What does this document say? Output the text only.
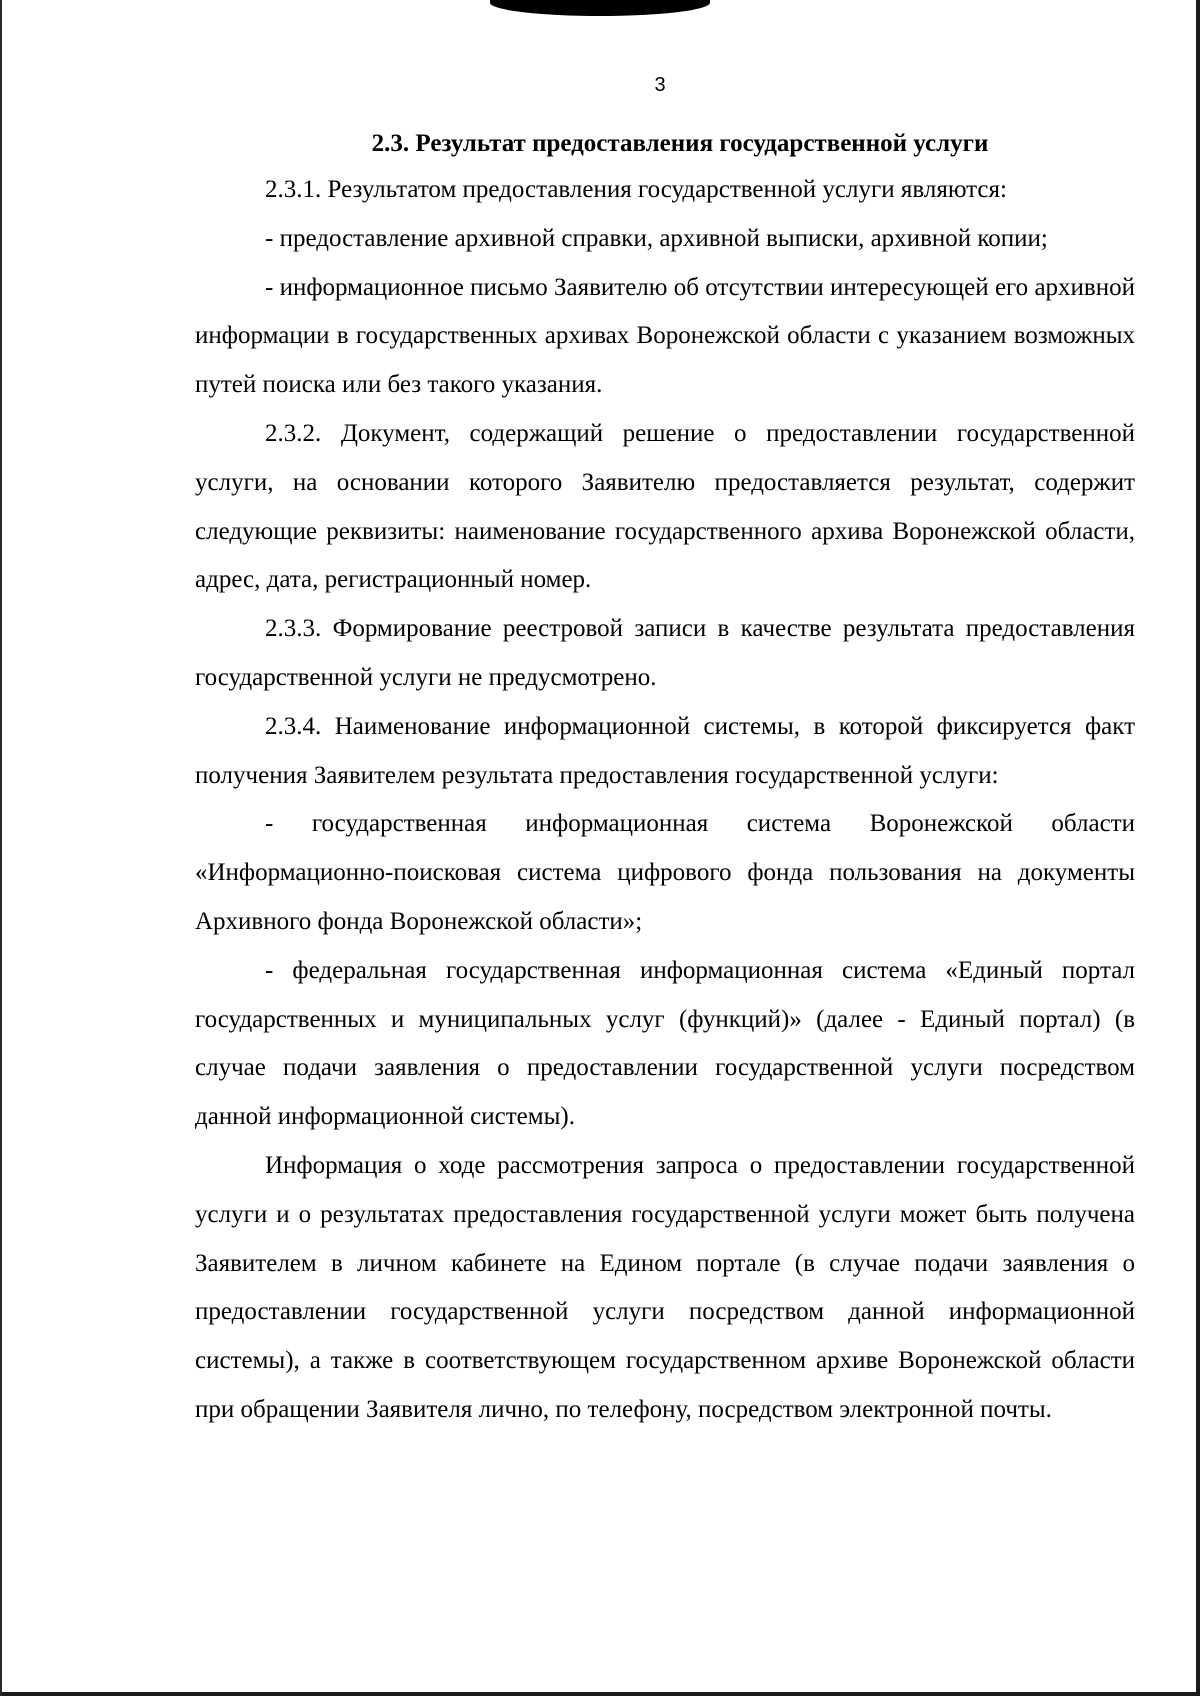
3
2.3. Результат предоставления государственной услуги

2.3.1. Результатом предоставления государственной услуги являются:

- предоставление архивной справки, архивной выписки, архивной копии;

- информационное письмо Заявителю об отсутствии интересующей его архивной информации в государственных архивах Воронежской области с указанием возможных путей поиска или без такого указания.

2.3.2. Документ, содержащий решение о предоставлении государственной услуги, на основании которого Заявителю предоставляется результат, содержит следующие реквизиты: наименование государственного архива Воронежской области, адрес, дата, регистрационный номер.

2.3.3. Формирование реестровой записи в качестве результата предоставления государственной услуги не предусмотрено.

2.3.4. Наименование информационной системы, в которой фиксируется факт получения Заявителем результата предоставления государственной услуги:

- государственная информационная система Воронежской области «Информационно-поисковая система цифрового фонда пользования на документы Архивного фонда Воронежской области»;

- федеральная государственная информационная система «Единый портал государственных и муниципальных услуг (функций)» (далее - Единый портал) (в случае подачи заявления о предоставлении государственной услуги посредством данной информационной системы).

Информация о ходе рассмотрения запроса о предоставлении государственной услуги и о результатах предоставления государственной услуги может быть получена Заявителем в личном кабинете на Едином портале (в случае подачи заявления о предоставлении государственной услуги посредством данной информационной системы), а также в соответствующем государственном архиве Воронежской области при обращении Заявителя лично, по телефону, посредством электронной почты.
